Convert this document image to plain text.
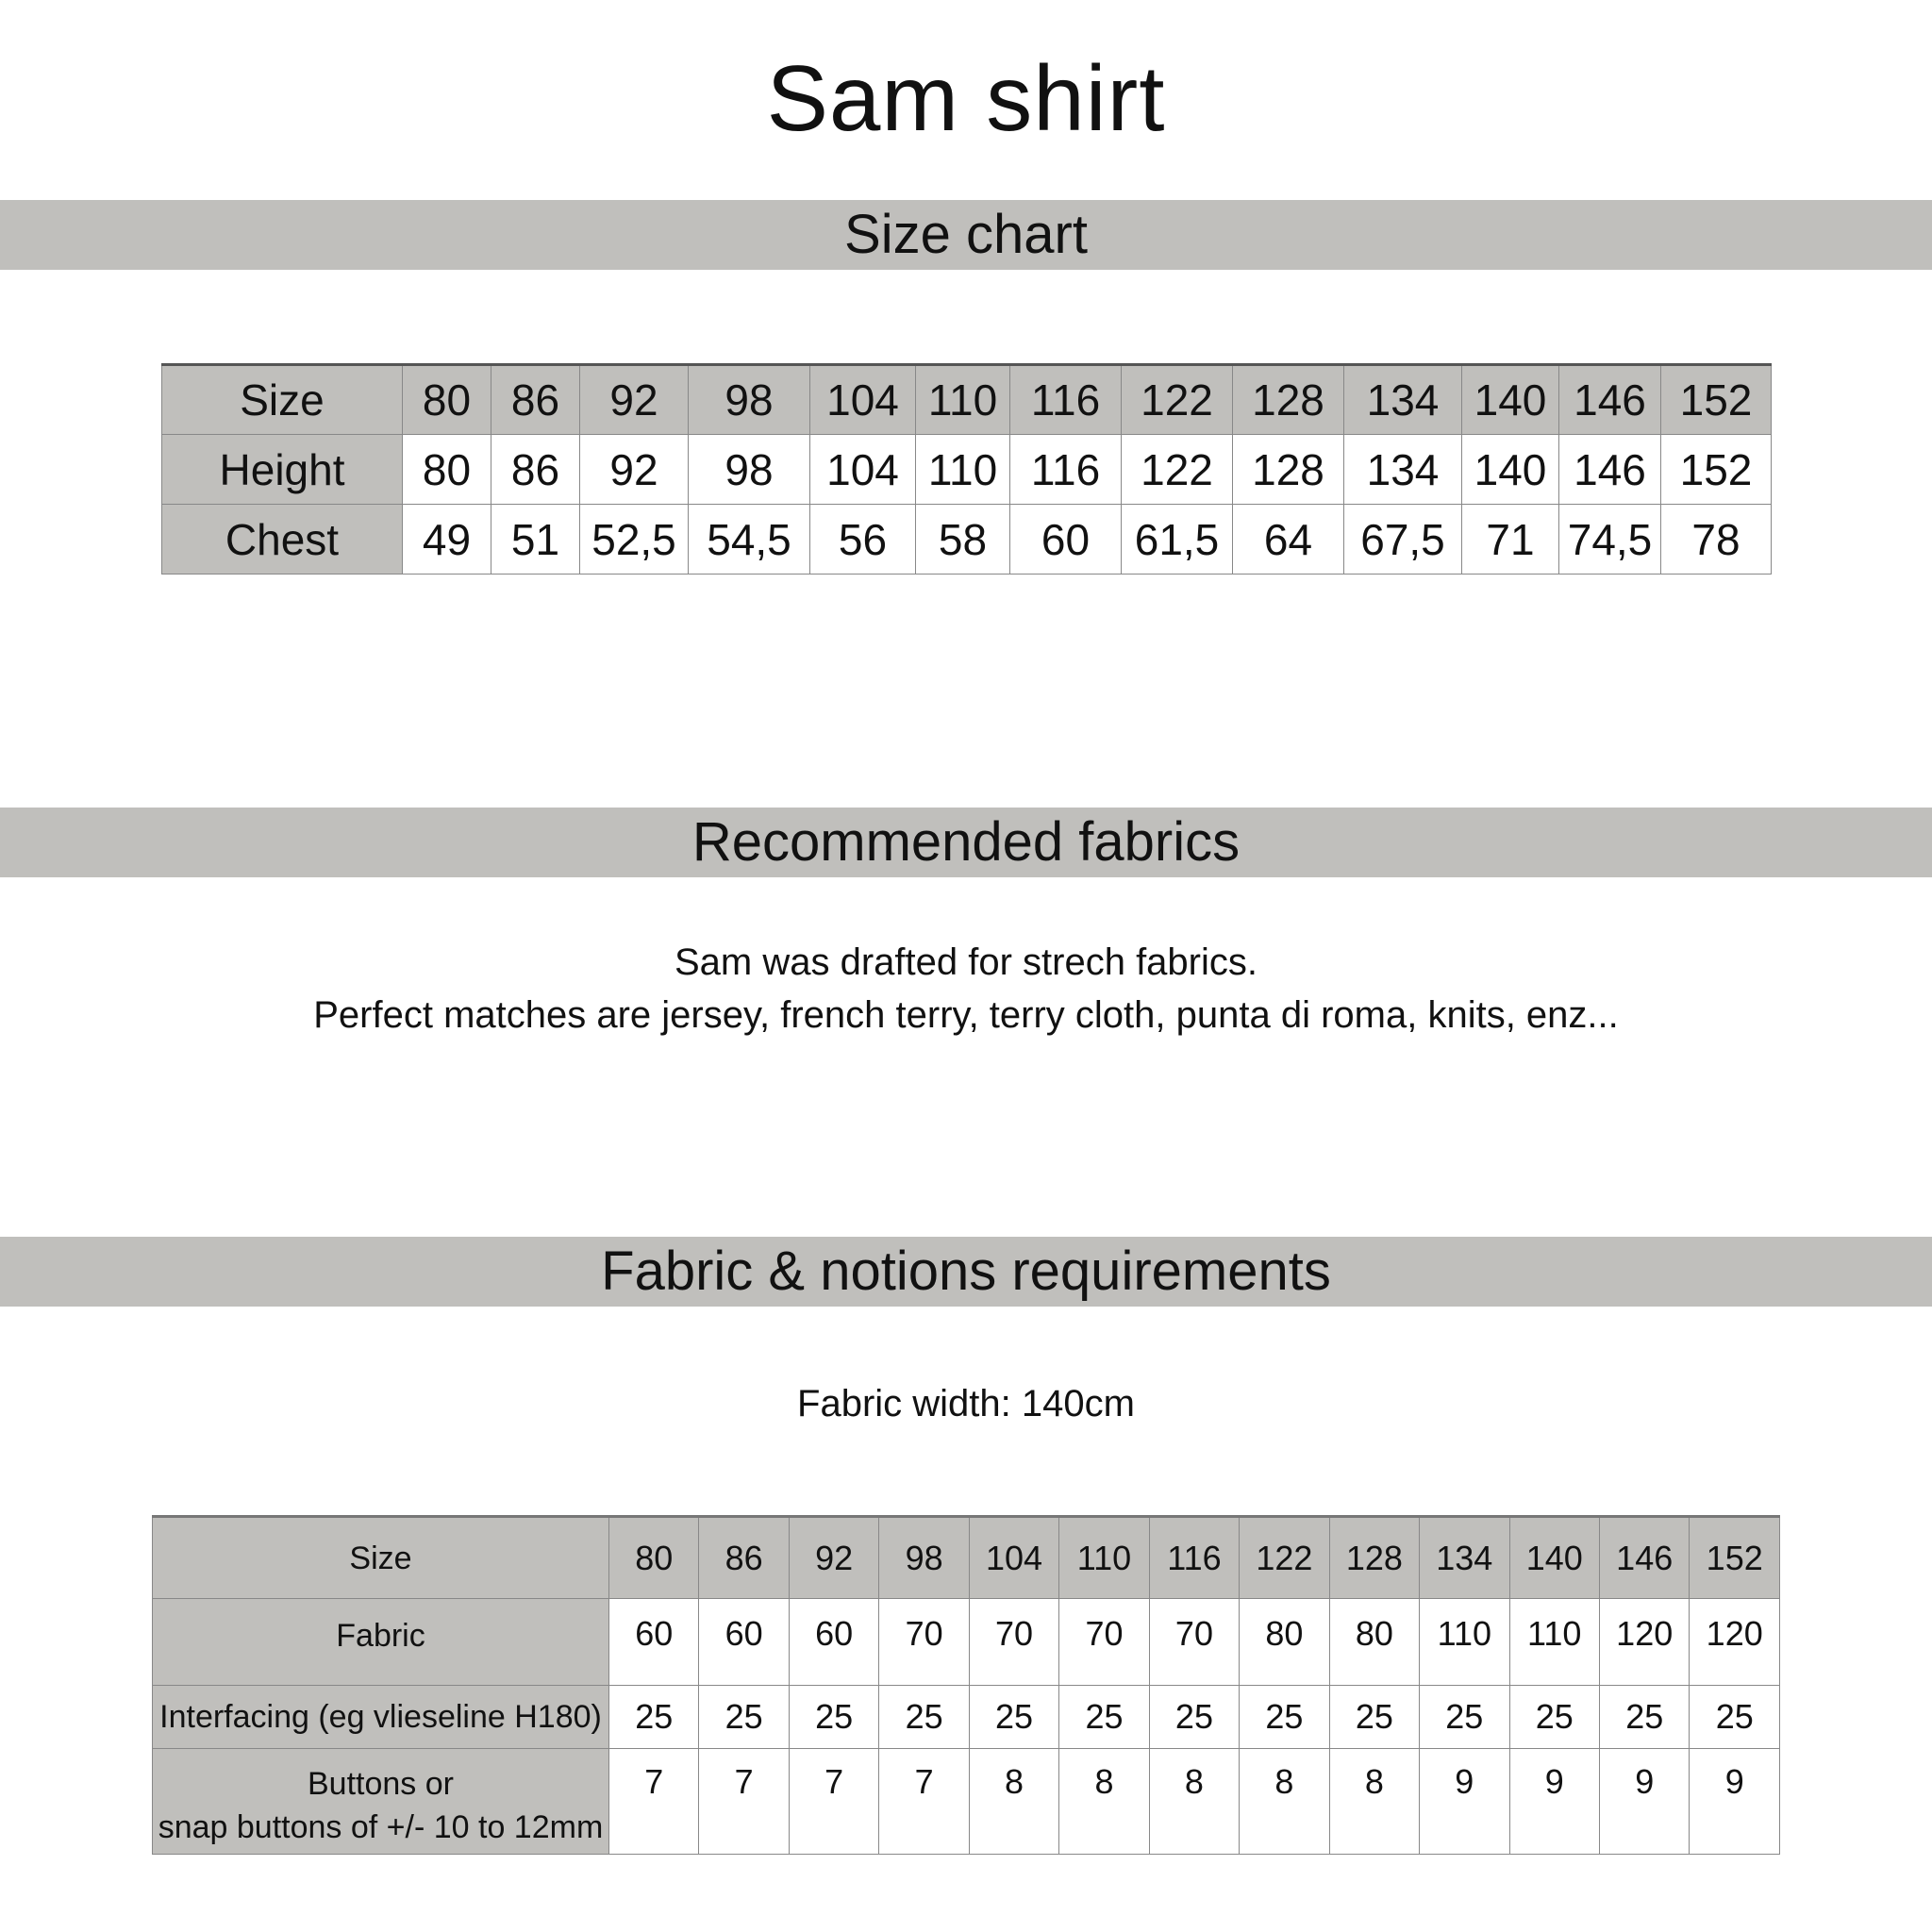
Sam shirt
Size chart
Size	80	86	92	98	104	110	116	122	128	134	140	146	152

Height	80	86	92	98	104	110	116	122	128	134	140	146	152

Chest	49	51	52,5	54,5	56	58	60	61,5	64	67,5	71	74,5	78
Recommended fabrics
Sam was drafted for strech fabrics.
Perfect matches are jersey, french terry, terry cloth, punta di roma, knits, enz...
Fabric & notions requirements
Fabric width: 140cm
Size	80	86	92	98	104	110	116	122	128	134	140	146	152

Fabric	60	60	60	70	70	70	70	80	80	110	110	120	120

Interfacing (eg vlieseline H180)	25	25	25	25	25	25	25	25	25	25	25	25	25

Buttons or
snap buttons of +/- 10 to 12mm	7	7	7	7	8	8	8	8	8	9	9	9	9
